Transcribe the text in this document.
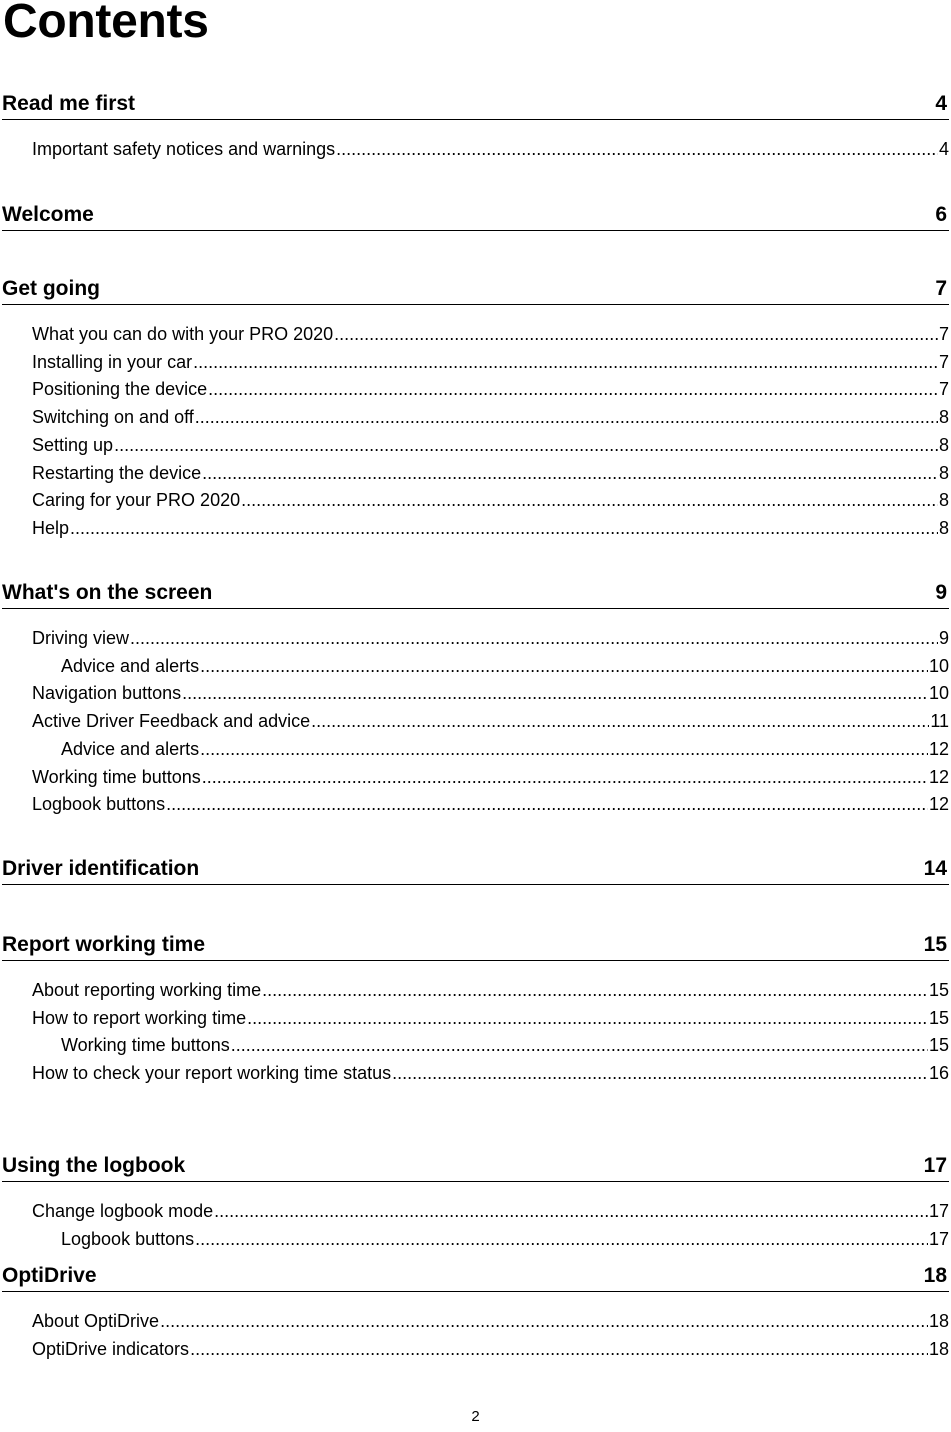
Contents
Read me first	4
Important safety notices and warnings .....	4
Welcome	6
Get going	7
What you can do with your PRO 2020 .....	7
Installing in your car .....	7
Positioning the device .....	7
Switching on and off .....	8
Setting up .....	8
Restarting the device .....	8
Caring for your PRO 2020 .....	8
Help .....	8
What's on the screen	9
Driving view .....	9
Advice and alerts .....	10
Navigation buttons .....	10
Active Driver Feedback and advice .....	11
Advice and alerts .....	12
Working time buttons .....	12
Logbook buttons .....	12
Driver identification	14
Report working time	15
About reporting working time .....	15
How to report working time .....	15
Working time buttons .....	15
How to check your report working time status .....	16
Using the logbook	17
Change logbook mode .....	17
Logbook buttons .....	17
OptiDrive	18
About OptiDrive .....	18
OptiDrive indicators .....	18
2
